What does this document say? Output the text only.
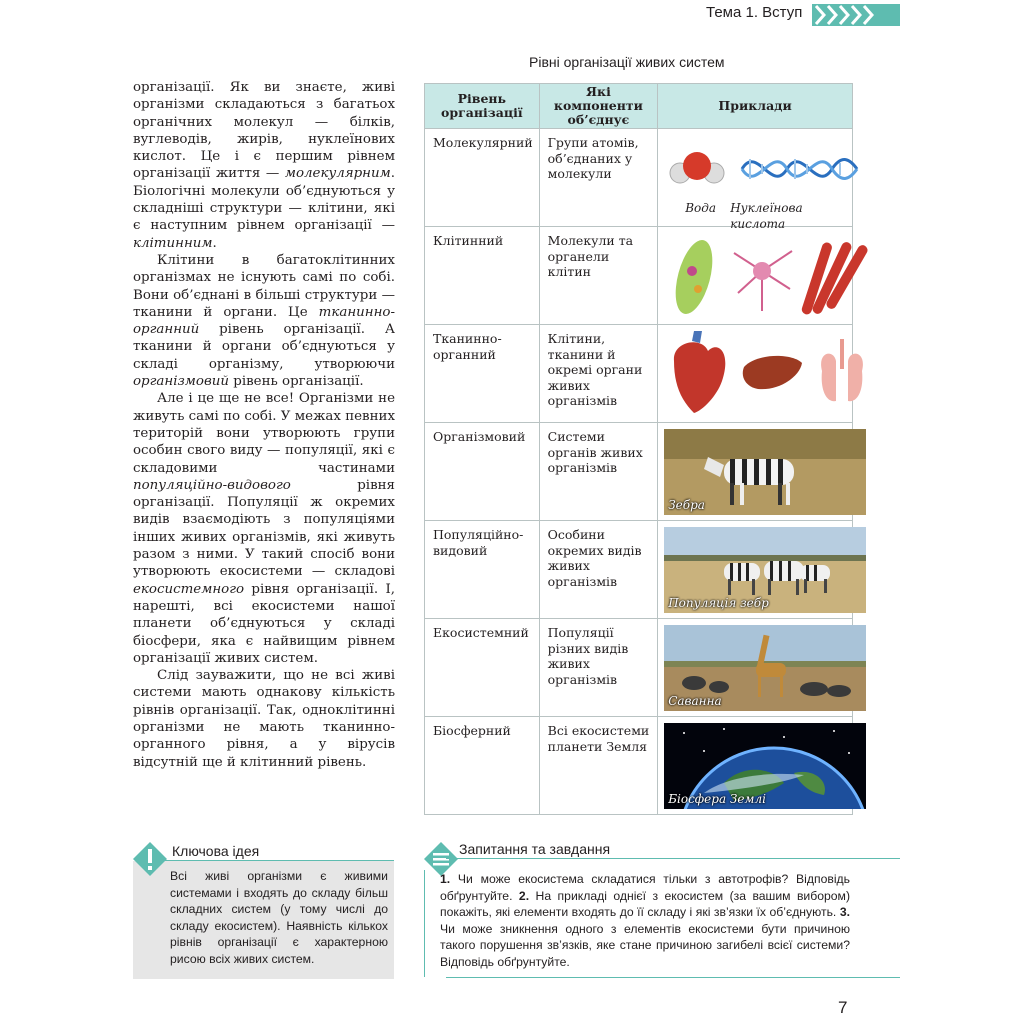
Тема 1. Вступ

організації. Як ви знаєте, живі організми складаються з багатьох органічних молекул — білків, вуглеводів, жирів, нуклеїнових кислот. Це і є першим рівнем організації життя — молекулярним. Біологічні молекули об’єднуються у складніші структури — клітини, які є наступним рівнем організації — клітинним.

Клітини в багатоклітинних організмах не існують самі по собі. Вони об’єднані в більші структури — тканини й органи. Це тканинно-органний рівень організації. А тканини й органи об’єднуються у складі організму, утворюючи організмовий рівень організації.

Але і це ще не все! Організми не живуть самі по собі. У межах певних територій вони утворюють групи особин свого виду — популяції, які є складовими частинами популяційно-видового рівня організації. Популяції ж окремих видів взаємодіють з популяціями інших живих організмів, які живуть разом з ними. У такий спосіб вони утворюють екосистеми — складові екосистемного рівня організації. І, нарешті, всі екосистеми нашої планети об’єднуються у складі біосфери, яка є найвищим рівнем організації живих систем.

Слід зауважити, що не всі живі системи мають однакову кількість рівнів організації. Так, одноклітинні організми не мають тканинно-органного рівня, а у вірусів відсутній ще й клітинний рівень.

Ключова ідея
Всі живі організми є живими системами і входять до складу більш складних систем (у тому числі до складу екосистем). Наявність кількох рівнів організації є характерною рисою всіх живих систем.
Рівні організації живих систем
Рівень організації	Які компоненти об’єднує	Приклади
Молекулярний	Групи атомів, об’єднаних у молекули	Вода Нуклеїнова кислота

Клітинний	Молекули та органели клітин	

Тканинно-органний	Клітини, тканини й окремі органи живих організмів	

Організмовий	Системи органів живих організмів	Зебра

Популяційно-видовий	Особини окремих видів живих організмів	Популяція зебр

Екосистемний	Популяції різних видів живих організмів	Саванна

Біосферний	Всі екосистеми планети Земля	Біосфера Землі
Запитання та завдання
1. Чи може екосистема складатися тільки з автотрофів? Відповідь обґрунтуйте. 2. На прикладі однієї з екосистем (за вашим вибором) покажіть, які елементи входять до її складу і які зв’язки їх об’єднують. 3. Чи може зникнення одного з елементів екосистеми бути причиною такого порушення зв’язків, яке стане причиною загибелі всієї системи? Відповідь обґрунтуйте.
7
